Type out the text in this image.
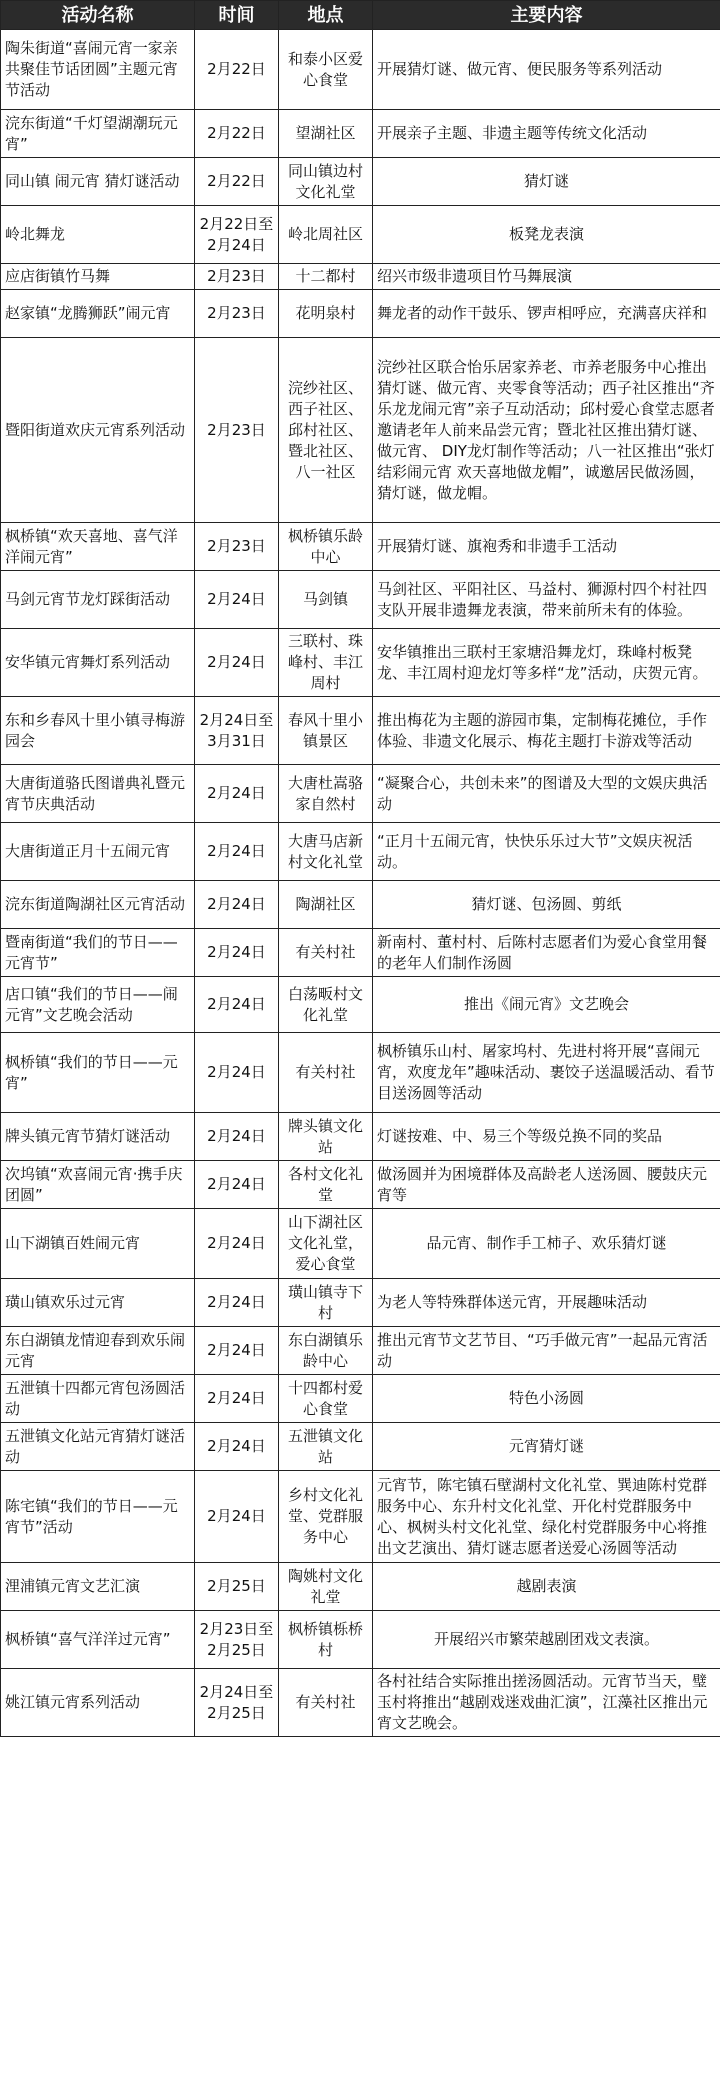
活动名称	时间	地点	主要内容
陶朱街道“喜闹元宵一家亲 共聚佳节话团圆”主题元宵节活动	2月22日	和泰小区爱心食堂	开展猜灯谜、做元宵、便民服务等系列活动
浣东街道“千灯望湖潮玩元宵”	2月22日	望湖社区	开展亲子主题、非遗主题等传统文化活动
同山镇 闹元宵 猜灯谜活动	2月22日	同山镇边村文化礼堂	猜灯谜
岭北舞龙	2月22日至2月24日	岭北周社区	板凳龙表演
应店街镇竹马舞	2月23日	十二都村	绍兴市级非遗项目竹马舞展演
赵家镇“龙腾狮跃”闹元宵	2月23日	花明泉村	舞龙者的动作干鼓乐、锣声相呼应，充满喜庆祥和
暨阳街道欢庆元宵系列活动	2月23日	浣纱社区、西子社区、邱村社区、暨北社区、八一社区	浣纱社区联合怡乐居家养老、市养老服务中心推出猜灯谜、做元宵、夹零食等活动；西子社区推出“齐乐龙龙闹元宵”亲子互动活动；邱村爱心食堂志愿者邀请老年人前来品尝元宵；暨北社区推出猜灯谜、做元宵、 DIY龙灯制作等活动；八一社区推出“张灯结彩闹元宵 欢天喜地做龙帽”，诚邀居民做汤圆，猜灯谜，做龙帽。
枫桥镇“欢天喜地、喜气洋洋闹元宵”	2月23日	枫桥镇乐龄中心	开展猜灯谜、旗袍秀和非遗手工活动
马剑元宵节龙灯踩街活动	2月24日	马剑镇	马剑社区、平阳社区、马益村、狮源村四个村社四支队开展非遗舞龙表演，带来前所未有的体验。
安华镇元宵舞灯系列活动	2月24日	三联村、珠峰村、丰江周村	安华镇推出三联村王家塘沿舞龙灯，珠峰村板凳龙、丰江周村迎龙灯等多样“龙”活动，庆贺元宵。
东和乡春风十里小镇寻梅游园会	2月24日至3月31日	春风十里小镇景区	推出梅花为主题的游园市集，定制梅花摊位，手作体验、非遗文化展示、梅花主题打卡游戏等活动
大唐街道骆氏图谱典礼暨元宵节庆典活动	2月24日	大唐杜嵩骆家自然村	“凝聚合心，共创未来”的图谱及大型的文娱庆典活动
大唐街道正月十五闹元宵	2月24日	大唐马店新村文化礼堂	“正月十五闹元宵，快快乐乐过大节”文娱庆祝活动。
浣东街道陶湖社区元宵活动	2月24日	陶湖社区	猜灯谜、包汤圆、剪纸
暨南街道“我们的节日——元宵节”	2月24日	有关村社	新南村、董村村、后陈村志愿者们为爱心食堂用餐的老年人们制作汤圆
店口镇“我们的节日——闹元宵”文艺晚会活动	2月24日	白荡畈村文化礼堂	推出《闹元宵》文艺晚会
枫桥镇“我们的节日——元宵”	2月24日	有关村社	枫桥镇乐山村、屠家坞村、先进村将开展“喜闹元宵，欢度龙年”趣味活动、裹饺子送温暖活动、看节目送汤圆等活动
牌头镇元宵节猜灯谜活动	2月24日	牌头镇文化站	灯谜按难、中、易三个等级兑换不同的奖品
次坞镇“欢喜闹元宵·携手庆团圆”	2月24日	各村文化礼堂	做汤圆并为困境群体及高龄老人送汤圆、腰鼓庆元宵等
山下湖镇百姓闹元宵	2月24日	山下湖社区文化礼堂，爱心食堂	品元宵、制作手工柿子、欢乐猜灯谜
璜山镇欢乐过元宵	2月24日	璜山镇寺下村	为老人等特殊群体送元宵，开展趣味活动
东白湖镇龙情迎春到欢乐闹元宵	2月24日	东白湖镇乐龄中心	推出元宵节文艺节目、“巧手做元宵”一起品元宵活动
五泄镇十四都元宵包汤圆活动	2月24日	十四都村爱心食堂	特色小汤圆
五泄镇文化站元宵猜灯谜活动	2月24日	五泄镇文化站	元宵猜灯谜
陈宅镇“我们的节日——元宵节”活动	2月24日	乡村文化礼堂、党群服务中心	元宵节，陈宅镇石壁湖村文化礼堂、巽迪陈村党群服务中心、东升村文化礼堂、开化村党群服务中心、枫树头村文化礼堂、绿化村党群服务中心将推出文艺演出、猜灯谜志愿者送爱心汤圆等活动
浬浦镇元宵文艺汇演	2月25日	陶姚村文化礼堂	越剧表演
枫桥镇“喜气洋洋过元宵”	2月23日至2月25日	枫桥镇栎桥村	开展绍兴市繁荣越剧团戏文表演。
姚江镇元宵系列活动	2月24日至2月25日	有关村社	各村社结合实际推出搓汤圆活动。元宵节当天，璧玉村将推出“越剧戏迷戏曲汇演”，江藻社区推出元宵文艺晚会。
